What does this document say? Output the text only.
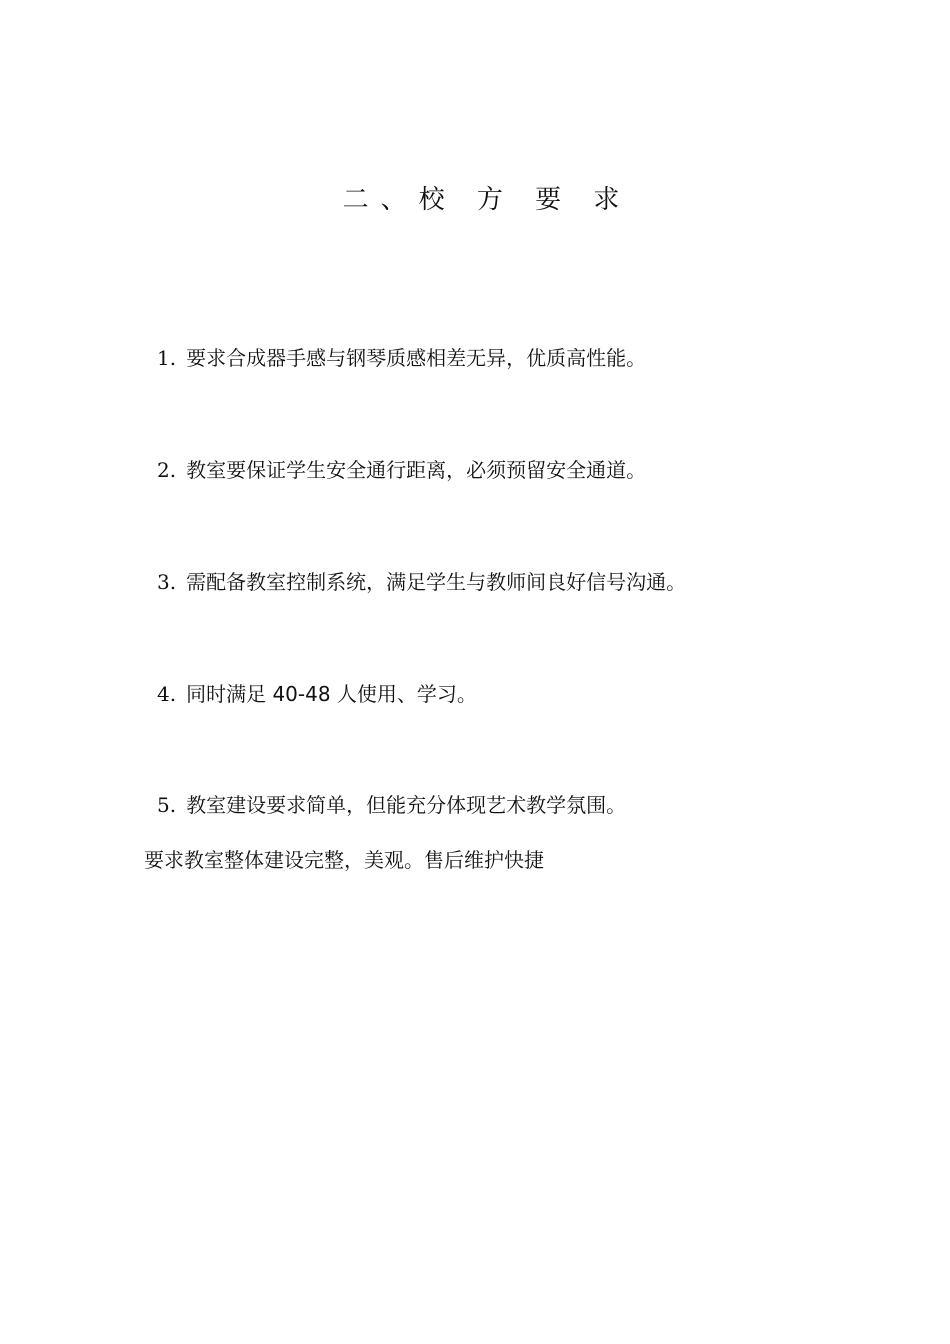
二、校 方 要 求
1. 要求合成器手感与钢琴质感相差无异，优质高性能。
2. 教室要保证学生安全通行距离，必须预留安全通道。
3. 需配备教室控制系统，满足学生与教师间良好信号沟通。
4. 同时满足 40-48 人使用、学习。
5. 教室建设要求简单，但能充分体现艺术教学氛围。
要求教室整体建设完整，美观。售后维护快捷
